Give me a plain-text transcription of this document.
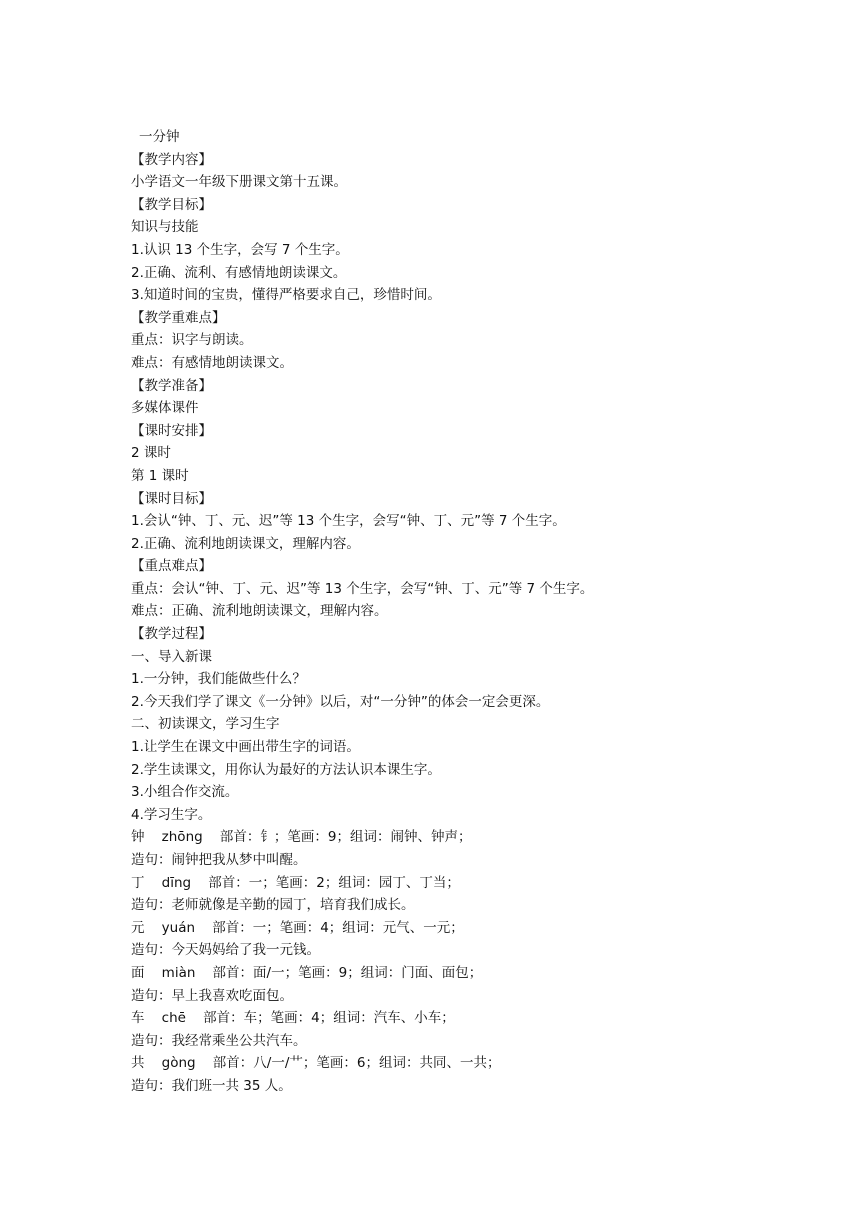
一分钟
【教学内容】
小学语文一年级下册课文第十五课。
【教学目标】
知识与技能
1.认识 13 个生字，会写 7 个生字。
2.正确、流利、有感情地朗读课文。
3.知道时间的宝贵，懂得严格要求自己，珍惜时间。
【教学重难点】
重点：识字与朗读。
难点：有感情地朗读课文。
【教学准备】
多媒体课件
【课时安排】
2 课时
第 1 课时
【课时目标】
1.会认“钟、丁、元、迟”等 13 个生字，会写“钟、丁、元”等 7 个生字。
2.正确、流利地朗读课文，理解内容。
【重点难点】
重点：会认“钟、丁、元、迟”等 13 个生字，会写“钟、丁、元”等 7 个生字。
难点：正确、流利地朗读课文，理解内容。
【教学过程】
一、导入新课
1.一分钟，我们能做些什么？
2.今天我们学了课文《一分钟》以后，对“一分钟”的体会一定会更深。
二、初读课文，学习生字
1.让学生在课文中画出带生字的词语。
2.学生读课文，用你认为最好的方法认识本课生字。
3.小组合作交流。
4.学习生字。
钟    zhōng    部首：钅；笔画：9；组词：闹钟、钟声；
造句：闹钟把我从梦中叫醒。
丁    dīng    部首：一；笔画：2；组词：园丁、丁当；
造句：老师就像是辛勤的园丁，培育我们成长。
元    yuán    部首：一；笔画：4；组词：元气、一元；
造句：今天妈妈给了我一元钱。
面    miàn    部首：面/一；笔画：9；组词：门面、面包；
造句：早上我喜欢吃面包。
车    chē    部首：车；笔画：4；组词：汽车、小车；
造句：我经常乘坐公共汽车。
共    gòng    部首：八/一/艹；笔画：6；组词：共同、一共；
造句：我们班一共 35 人。
